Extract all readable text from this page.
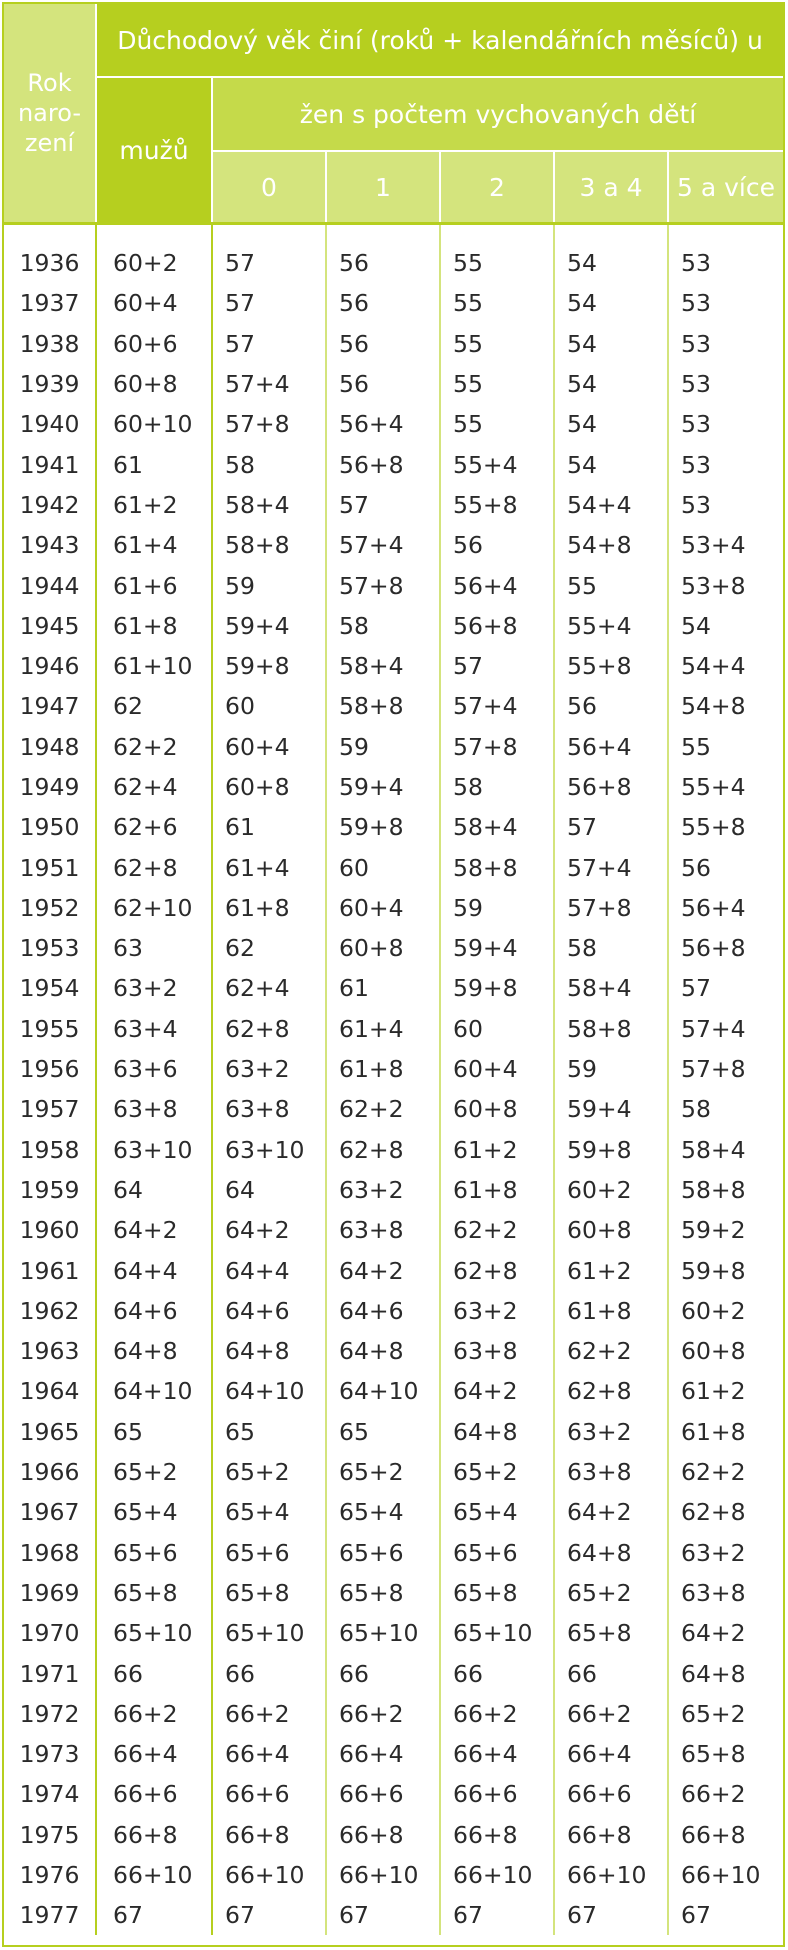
Rok
naro-
zení	Důchodový věk činí (roků + kalendářních měsíců) u					
	mužů	žen s počtem vychovaných dětí				
		0	1	2	3 a 4	5 a více

1936	60+2	57	56	55	54	53
1937	60+4	57	56	55	54	53
1938	60+6	57	56	55	54	53
1939	60+8	57+4	56	55	54	53
1940	60+10	57+8	56+4	55	54	53
1941	61	58	56+8	55+4	54	53
1942	61+2	58+4	57	55+8	54+4	53
1943	61+4	58+8	57+4	56	54+8	53+4
1944	61+6	59	57+8	56+4	55	53+8
1945	61+8	59+4	58	56+8	55+4	54
1946	61+10	59+8	58+4	57	55+8	54+4
1947	62	60	58+8	57+4	56	54+8
1948	62+2	60+4	59	57+8	56+4	55
1949	62+4	60+8	59+4	58	56+8	55+4
1950	62+6	61	59+8	58+4	57	55+8
1951	62+8	61+4	60	58+8	57+4	56
1952	62+10	61+8	60+4	59	57+8	56+4
1953	63	62	60+8	59+4	58	56+8
1954	63+2	62+4	61	59+8	58+4	57
1955	63+4	62+8	61+4	60	58+8	57+4
1956	63+6	63+2	61+8	60+4	59	57+8
1957	63+8	63+8	62+2	60+8	59+4	58
1958	63+10	63+10	62+8	61+2	59+8	58+4
1959	64	64	63+2	61+8	60+2	58+8
1960	64+2	64+2	63+8	62+2	60+8	59+2
1961	64+4	64+4	64+2	62+8	61+2	59+8
1962	64+6	64+6	64+6	63+2	61+8	60+2
1963	64+8	64+8	64+8	63+8	62+2	60+8
1964	64+10	64+10	64+10	64+2	62+8	61+2
1965	65	65	65	64+8	63+2	61+8
1966	65+2	65+2	65+2	65+2	63+8	62+2
1967	65+4	65+4	65+4	65+4	64+2	62+8
1968	65+6	65+6	65+6	65+6	64+8	63+2
1969	65+8	65+8	65+8	65+8	65+2	63+8
1970	65+10	65+10	65+10	65+10	65+8	64+2
1971	66	66	66	66	66	64+8
1972	66+2	66+2	66+2	66+2	66+2	65+2
1973	66+4	66+4	66+4	66+4	66+4	65+8
1974	66+6	66+6	66+6	66+6	66+6	66+2
1975	66+8	66+8	66+8	66+8	66+8	66+8
1976	66+10	66+10	66+10	66+10	66+10	66+10
1977	67	67	67	67	67	67
